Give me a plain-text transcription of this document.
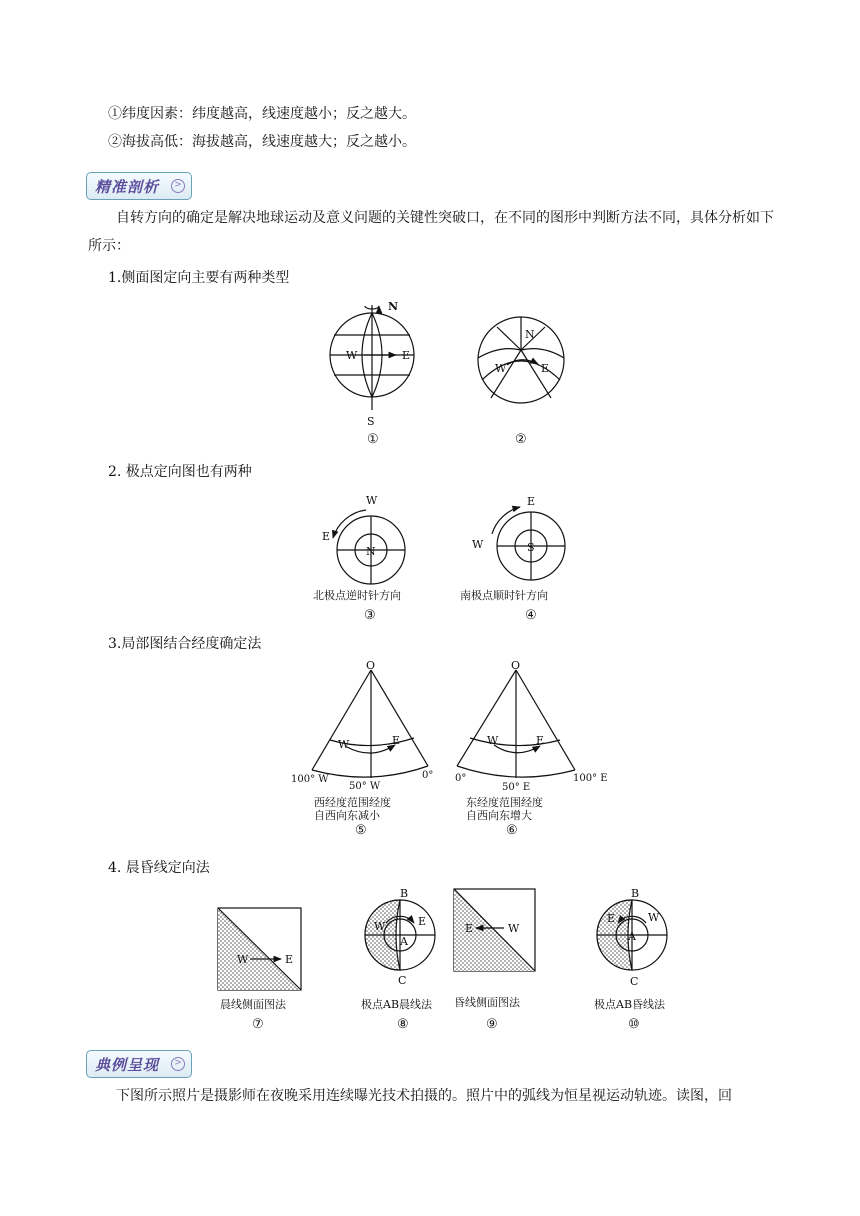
①纬度因素：纬度越高，线速度越小；反之越大。
②海拔高低：海拔越高，线速度越大；反之越小。
精准剖析	>
自转方向的确定是解决地球运动及意义问题的关键性突破口，在不同的图形中判断方法不同，具体分析如下所示：
1.侧面图定向主要有两种类型
2. 极点定向图也有两种
3.局部图结合经度确定法
4. 晨昏线定向法
典例呈现	>
下图所示照片是摄影师在夜晚采用连续曝光技术拍摄的。照片中的弧线为恒星视运动轨迹。读图，回
N
W	E
S
①
N
W	E
②
W
E
N
北极点逆时针方向
③
E
W	S
南极点顺时针方向
④
O
W	E
100° W
50° W
0°
西经度范围经度
自西向东减小
⑤
O
W	E
0°
50° E
100° E
东经度范围经度
自西向东增大
⑥
W	E
晨线侧面图法
⑦
B
W	E
A
C
极点AB晨线法
⑧
E	W
昏线侧面图法
⑨
B
E	W
A
C
极点AB昏线法
⑩
